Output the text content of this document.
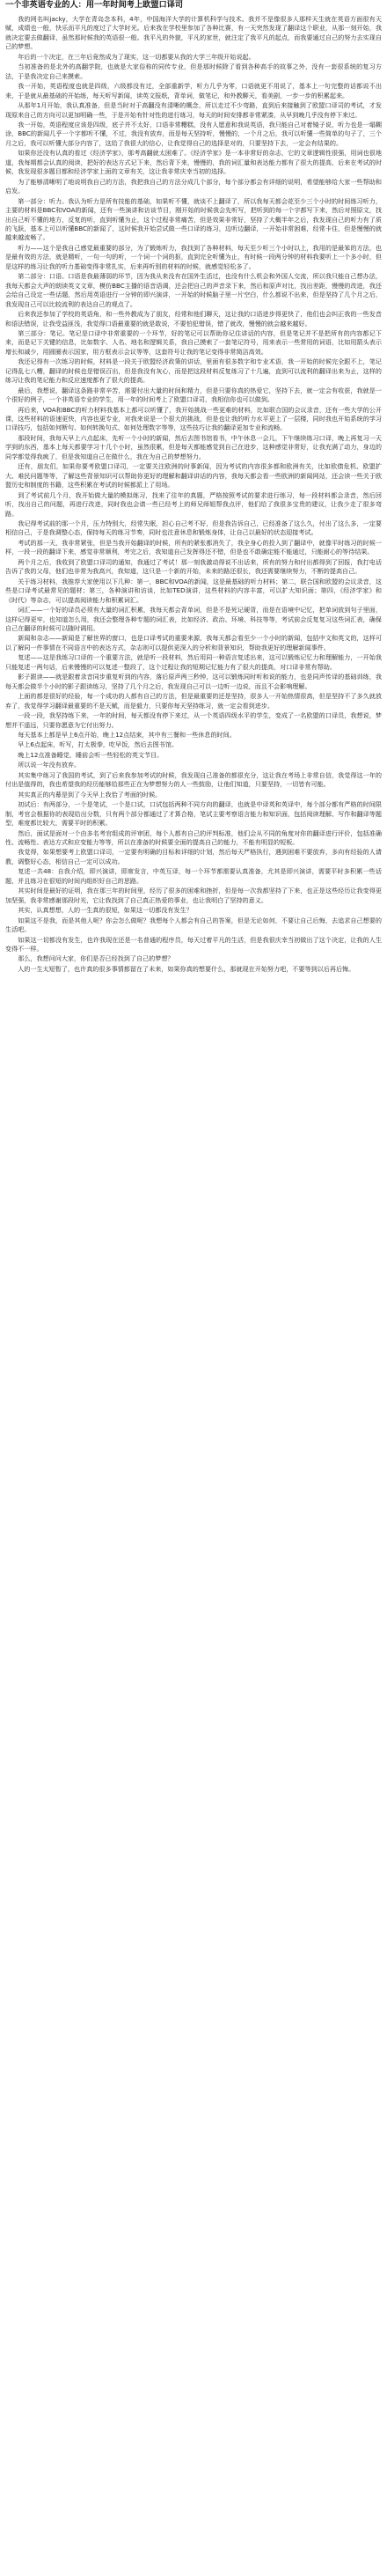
一个非英语专业的人：用一年时间考上欧盟口译司

我的网名叫jacky，大学在青岛念本科，4年，中国海洋大学的计算机科学与技术。我并不是像很多人那样天生就在英语方面很有天赋，成绩也一般，快乐而平凡的度过了大学时光。后来我在学校里参加了各种比赛，有一天突然发现了翻译这个职业，从那一刻开始，我就决定要去做翻译，虽然那时候我的英语很一般。我平凡的外貌，平凡的家世，就注定了我平凡的起点，而我要通过自己的努力去实现自己的梦想。

年后的一个决定，在三年后竟然成为了现实，这一切都要从我的大学三年级开始说起。

当初准备的是北外的高翻学院，也就是大家俗称的同传专业，但是那时候除了看到各种高手的故事之外，没有一套很系统的复习方法，于是我决定自己来摸索。

我一开始，英语程度也就是四级，六级都没有过，全部重新学，听力几乎为零，口语就更不用说了，基本上一句完整的话都说不出来，于是就从最基础的开始练，每天听写新闻，读英文报纸，背单词，做笔记，和外教聊天，看美剧，一步一步的积累起来。

从那年1月开始，我认真准备，但是当时对于高翻没有清晰的概念，所以走过不少弯路，直到后来接触到了欧盟口译司的考试，才发现原来自己的方向可以更加明确一些，于是开始有针对性的进行练习，每天的时间安排都非常紧凑，从早到晚几乎没有停下来过。

我一开始，英语程度应该是四级，底子并不太好，口语非常糟糕，没有人愿意和我说英语，我只能自己对着镜子说，听力也是一塌糊涂，BBC的新闻几乎一个字都听不懂，不过，我没有放弃，而是每天坚持听，慢慢的，一个月之后，我可以听懂一些简单的句子了，三个月之后，我可以听懂大部分内容了，这给了我很大的信心，让我觉得自己的选择是对的，只要坚持下去，一定会有结果的。

如果你还没有认真的看过《经济学家》，那考高翻就太困难了。《经济学家》是一本非常好的杂志，它的文章逻辑性很强，用词也很地道，我每期都会认真的阅读，把好的表达方式记下来，然后背下来，慢慢的，我的词汇量和表达能力都有了很大的提高，后来在考试的时候，我发现很多题目都和经济学家上面的文章有关，这让我非常庆幸当初的选择。

为了能够清晰明了地说明我自己的方法，我把我自己的方法分成几个部分，每个部分都会有详细的说明，希望能够给大家一些帮助和启发。

第一部分：听力。我认为听力是所有技能的基础，如果听不懂，就谈不上翻译了，所以我每天都会花至少三个小时的时间练习听力，主要的材料是BBC和VOA的新闻，还有一些演讲和访谈节目，刚开始的时候我会先听写，把听到的每一个字都写下来，然后对照原文，找出自己听不懂的地方，反复的听，直到听懂为止，这个过程非常痛苦，但是效果非常好，坚持了大概半年之后，我发现自己的听力有了质的飞跃，基本上可以听懂BBC的新闻了，这时候我开始尝试做一些口译的练习，边听边翻译，一开始非常困难，经常卡住，但是慢慢的就越来越流畅了。

听力——这个是我自己感觉最重要的部分，为了锻炼听力，我找到了各种材料，每天至少听三个小时以上，我用的是最笨的方法，也是最有效的方法，就是精听，一句一句的听，一个词一个词的抠，直到完全听懂为止，有时候一段两分钟的材料我要听上一个多小时，但是这样的练习让我的听力基础变得非常扎实，后来再听别的材料的时候，就感觉轻松多了。

第二部分：口语。口语是我最薄弱的环节，因为我从来没有在国外生活过，也没有什么机会和外国人交流，所以我只能自己想办法，我每天都会大声的朗读英文文章，模仿BBC主播的语音语调，还会把自己的声音录下来，然后和原声对比，找出差距，慢慢的改进，我还会给自己设定一些话题，然后用英语进行一分钟的即兴演讲，一开始的时候脑子里一片空白，什么都说不出来，但是坚持了几个月之后，我发现自己可以比较流利的表达自己的观点了。

后来我还参加了学校的英语角，和一些外教成为了朋友，经常和他们聊天，这让我的口语进步得更快了，他们也会纠正我的一些发音和语法错误，让我受益匪浅，我觉得口语最重要的就是敢说，不要怕犯错误，错了就改，慢慢的就会越来越好。

第三部分：笔记。笔记是口译中非常重要的一个环节，好的笔记可以帮助你记住讲话的内容，但是笔记并不是把所有的内容都记下来，而是记下关键的信息，比如数字、人名、地名和逻辑关系，我自己摸索了一套笔记符号，用来表示一些常用的词语，比如用箭头表示增长和减少，用圆圈表示国家，用方框表示会议等等，这套符号让我的笔记变得非常简洁高效。

我还记得有一次练习的时候，材料是一段关于欧盟经济政策的讲话，里面有很多数字和专业术语，我一开始的时候完全跟不上，笔记记得乱七八糟，翻译的时候也是错误百出，但是我没有灰心，而是把这段材料反复练习了十几遍，直到可以流利的翻译出来为止，这样的练习让我的笔记能力和反应速度都有了很大的提高。

最后，我想说，翻译这条路非常辛苦，需要付出大量的时间和精力，但是只要你真的热爱它，坚持下去，就一定会有收获，我就是一个很好的例子，一个非英语专业的学生，用一年的时间考上了欧盟口译司，我相信你也可以做到。

再后来，VOA和BBC的听力材料我基本上都可以听懂了，我开始挑战一些更难的材料，比如联合国的会议录音，还有一些大学的公开课，这些材料的语速更快，内容也更专业，对我来说是一个很大的挑战，但是也让我的听力水平更上了一层楼，同时我也开始系统的学习口译技巧，包括如何断句、如何转换句式、如何处理数字等等，这些技巧让我的翻译更加专业和流畅。

那段时间，我每天早上六点起床，先听一个小时的新闻，然后去图书馆看书，中午休息一会儿，下午继续练习口译，晚上再复习一天学到的东西，基本上每天都要学习十几个小时，虽然很累，但是每天都能感觉到自己在进步，这种感觉非常好，让我充满了动力，身边的同学都觉得我疯了，但是我知道自己在做什么，我在为自己的梦想努力。

还有，朋友们，如果你要考欧盟口译司，一定要关注欧洲的时事新闻，因为考试的内容很多都和欧洲有关，比如欧债危机、欧盟扩大、难民问题等等，了解这些背景知识可以帮助你更好的理解和翻译讲话的内容，我每天都会看一些欧洲的新闻网站，还会读一些关于欧盟历史和制度的书籍，这些积累在考试的时候都派上了用场。

到了考试前几个月，我开始做大量的模拟练习，找来了往年的真题，严格按照考试的要求进行练习，每一段材料都会录音，然后回听，找出自己的问题，再进行改进，同时我也会请一些已经考上的师兄师姐帮我点评，他们给了我很多宝贵的建议，让我少走了很多弯路。

我记得考试前的那一个月，压力特别大，经常失眠，担心自己考不好，但是我告诉自己，已经准备了这么久，付出了这么多，一定要相信自己，于是我调整心态，保持每天的练习节奏，同时也注意休息和锻炼身体，让自己以最好的状态迎接考试。

考试的那一天，我非常紧张，但是当我开始翻译的时候，所有的紧张都消失了，我全身心的投入到了翻译中，就像平时练习的时候一样，一段一段的翻译下来，感觉非常顺利，考完之后，我知道自己发挥得还不错，但是也不敢确定能不能通过，只能耐心的等待结果。

两个月之后，我收到了欧盟口译司的通知，我通过了考试！那一刻我激动得说不出话来，所有的努力和付出都得到了回报，我打电话告诉了我的父母，他们也非常为我高兴，我知道，这只是一个新的开始，未来的路还很长，我还需要继续努力，不断的提高自己。

关于练习材料，我推荐大家使用以下几种：第一，BBC和VOA的新闻，这是最基础的听力材料；第二，联合国和欧盟的会议录音，这些是口译考试最常见的题材；第三，各种演讲和访谈，比如TED演讲，这些材料的内容丰富，可以扩大知识面；第四，《经济学家》和《时代》等杂志，可以提高阅读能力和积累词汇。

词汇——一个好的译员必须有大量的词汇积累，我每天都会背单词，但是不是死记硬背，而是在语境中记忆，把单词放到句子里面，这样记得更牢，也知道怎么用，我还会整理各种专题的词汇表，比如经济、政治、环境、科技等等，考试前会反复复习这些词汇表，确保自己在翻译的时候可以随时调用。

新闻和杂志——新闻是了解世界的窗口，也是口译考试的重要来源，我每天都会看至少一个小时的新闻，包括中文和英文的，这样可以了解同一件事情在不同语言中的表达方式，杂志则可以提供更深入的分析和背景知识，帮助我更好的理解新闻事件。

复述——这是我练习口译的一个重要方法，就是听一段材料，然后用同一种语言复述出来，这可以锻炼记忆力和理解能力，一开始我只能复述一两句话，后来慢慢的可以复述一整段了，这个过程让我的短期记忆能力有了很大的提高，对口译非常有帮助。

影子跟读——就是跟着录音同步重复听到的内容，落后原声两三秒钟，这可以锻炼同时听和说的能力，也是同声传译的基础训练，我每天都会做半个小时的影子跟读练习，坚持了几个月之后，我发现自己可以一边听一边说，而且不会影响理解。

上面的都是很好的经验，每一个成功的人都有自己的方法，但是最重要的还是坚持，很多人一开始热情很高，但是坚持不了多久就放弃了，我觉得学习翻译最重要的不是天赋，而是毅力，只要你每天坚持练习，就一定会看到进步。

一段一段，我坚持练下来，一年的时间，每天都没有停下来过，从一个英语四级水平的学生，变成了一名欧盟的口译员，我想说，梦想并不遥远，只要你愿意为它付出努力。

每天基本上都是早上6点开始，晚上12点结束，其中有三餐和一些休息的时间。

早上6点起床，听写，打太极拳，吃早饭，然后去图书馆。

晚上12点准备睡觉，睡前会听一些轻松的英文节目。

所以说一年没有放弃。

其实集中练习了我国的考试，到了后来我参加考试的时候，我发现自己准备的都很充分，这让我在考场上非常自信，我觉得这一年的付出是值得的，我也希望我的经历能够给那些正在为梦想努力的人一些鼓励，让他们知道，只要坚持，一切皆有可能。

其实真正的内幕是到了今天早上我恰了考面的时候。

初试后：有两部分，一个是笔试，一个是口试，口试包括两种不同方向的翻译，也就是中译英和英译中，每个部分都有严格的时间限制，考官会根据你的表现给出分数，只有两个部分都通过了才算合格，笔试主要考察语言能力和知识面，包括阅读理解、写作和翻译等题型，难度都比较大，需要平时的积累。

然后，面试是面对一个由多名考官组成的评审团，每个人都有自己的评判标准，他们会从不同的角度对你的翻译进行评价，包括准确性、流畅性、表达方式和应变能力等等，所以在准备的时候要全面的提高自己的能力，不能有明显的短板。

我觉得，如果想要考上欧盟口译司，一定要有明确的目标和详细的计划，然后每天严格执行，遇到困难不要放弃，多向有经验的人请教，调整好心态，相信自己一定可以成功。

复述一共48：自我介绍，即兴演讲，即席发言，中英互译，每一个环节都需要认真准备，尤其是即兴演讲，需要平时多积累一些话题，并且练习在很短的时间内组织好自己的思路。

其实时间是最好的证明，我在那三年的时间里，经历了很多的困难和挫折，但是每一次我都坚持了下来，也正是这些经历让我变得更加坚强，我非常感谢那段时光，它让我找到了自己真正热爱的事业，也让我明白了坚持的意义。

其实，认真想想，人的一生真的很短，如果这一切都没有发生？

如果这不是我，而是其他人呢？你会怎么做呢？我想每个人都会有自己的答案，但是无论如何，不要让自己后悔，去追求自己想要的生活吧。

如果这一切都没有发生，也许我现在还是一名普通的程序员，每天过着平凡的生活，但是我很庆幸当初做出了这个决定，让我的人生变得不一样。

那么，我想问问大家，你们是否已经找到了自己的梦想？

人的一生太短暂了，也许真的很多事情都留在了未来，如果你真的想要什么，那就现在开始努力吧，不要等到以后再后悔。
